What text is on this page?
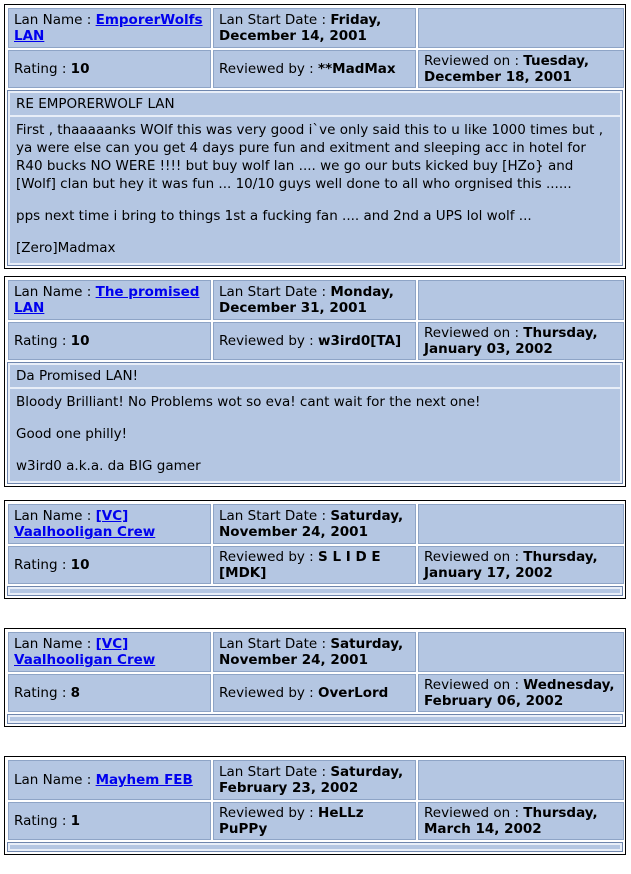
Lan Name : EmporerWolfs LAN
Lan Start Date : Friday, December 14, 2001
Rating : 10	Reviewed by : **MadMax Reviewed on : Tuesday, December 18, 2001
RE EMPORERWOLF LAN

First , thaaaaanks WOlf this was very good i`ve only said this to u like 1000 times but , ya were else can you get 4 days pure fun and exitment and sleeping acc in hotel for R40 bucks NO WERE !!!! but buy wolf lan .... we go our buts kicked buy [HZo} and [Wolf] clan but hey it was fun ... 10/10 guys well done to all who orgnised this ......

pps next time i bring to things 1st a fucking fan .... and 2nd a UPS lol wolf ...

[Zero]Madmax

Lan Name : The promised LAN
Lan Start Date : Monday, December 31, 2001
Rating : 10	Reviewed by : w3ird0[TA] Reviewed on : Thursday, January 03, 2002
Da Promised LAN!

Bloody Brilliant! No Problems wot so eva! cant wait for the next one!

Good one philly!

w3ird0 a.k.a. da BIG gamer

Lan Name : [VC] Vaalhooligan Crew
Lan Start Date : Saturday, November 24, 2001
Rating : 10	Reviewed by : S L I D E [MDK]
Reviewed on : Thursday, January 17, 2002
Lan Name : [VC] Vaalhooligan Crew
Lan Start Date : Saturday, November 24, 2001
Rating : 8	Reviewed by : OverLord	Reviewed on : Wednesday, February 06, 2002
Lan Name : Mayhem FEB Lan Start Date : Saturday, February 23, 2002
Rating : 1	Reviewed by : HeLLz PuPPy
Reviewed on : Thursday, March 14, 2002
